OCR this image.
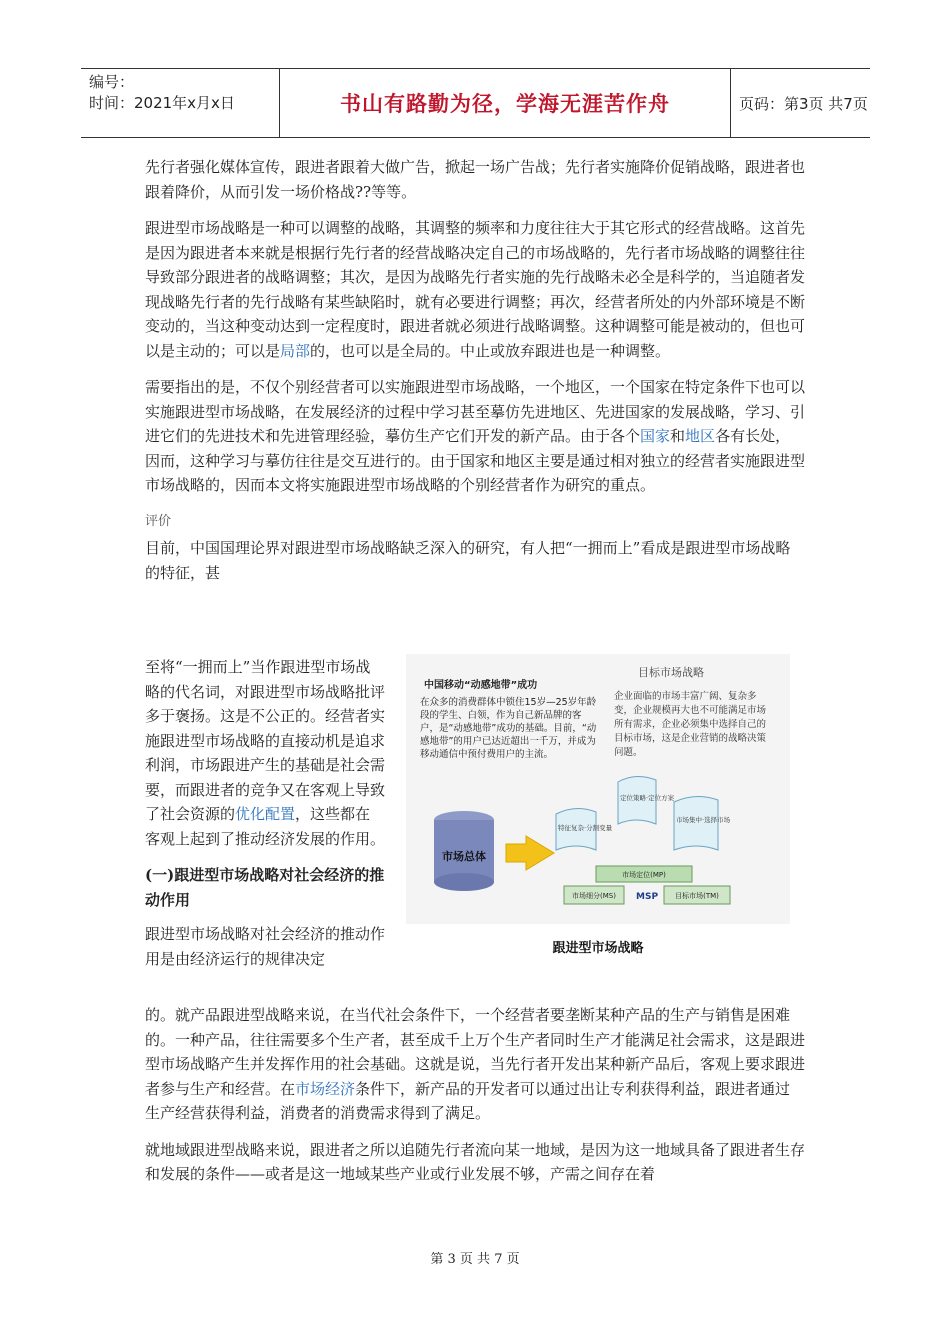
编号：
时间：2021年x月x日	书山有路勤为径，学海无涯苦作舟	页码：第3页 共7页

先行者强化媒体宣传，跟进者跟着大做广告，掀起一场广告战；先行者实施降价促销战略，跟进者也跟着降价，从而引发一场价格战??等等。

跟进型市场战略是一种可以调整的战略，其调整的频率和力度往往大于其它形式的经营战略。这首先是因为跟进者本来就是根据行先行者的经营战略决定自己的市场战略的，先行者市场战略的调整往往导致部分跟进者的战略调整；其次，是因为战略先行者实施的先行战略未必全是科学的，当追随者发现战略先行者的先行战略有某些缺陷时，就有必要进行调整；再次，经营者所处的内外部环境是不断变动的，当这种变动达到一定程度时，跟进者就必须进行战略调整。这种调整可能是被动的，但也可以是主动的；可以是局部的，也可以是全局的。中止或放弃跟进也是一种调整。

需要指出的是，不仅个别经营者可以实施跟进型市场战略，一个地区，一个国家在特定条件下也可以实施跟进型市场战略，在发展经济的过程中学习甚至摹仿先进地区、先进国家的发展战略，学习、引进它们的先进技术和先进管理经验，摹仿生产它们开发的新产品。由于各个国家和地区各有长处，因而，这种学习与摹仿往往是交互进行的。由于国家和地区主要是通过相对独立的经营者实施跟进型市场战略的，因而本文将实施跟进型市场战略的个别经营者作为研究的重点。

评价

目前，中国国理论界对跟进型市场战略缺乏深入的研究，有人把“一拥而上”看成是跟进型市场战略的特征，甚

至将“一拥而上”当作跟进型市场战略的代名词，对跟进型市场战略批评多于褒扬。这是不公正的。经营者实施跟进型市场战略的直接动机是追求利润，市场跟进产生的基础是社会需要，而跟进者的竞争又在客观上导致了社会资源的优化配置，这些都在客观上起到了推动经济发展的作用。

(一)跟进型市场战略对社会经济的推动作用

跟进型市场战略对社会经济的推动作用是由经济运行的规律决定

中国移动“动感地带”成功
在众多的消费群体中锁住15岁—25岁年龄段的学生、白领，作为自己新品牌的客户，是“动感地带”成功的基础。目前，“动感地带”的用户已达近超出一千万，并成为移动通信中预付费用户的主流。
目标市场战略
企业面临的市场丰富广阔、复杂多变，企业规模再大也不可能满足市场所有需求，企业必须集中选择自己的目标市场，这是企业营销的战略决策问题。
市场总体
特征复杂·分割变量
定位策略·定位方案
市场集中·选择市场
市场定位(MP)
市场细分(MS) MSP 目标市场(TM)
跟进型市场战略

的。就产品跟进型战略来说，在当代社会条件下，一个经营者要垄断某种产品的生产与销售是困难的。一种产品，往往需要多个生产者，甚至成千上万个生产者同时生产才能满足社会需求，这是跟进型市场战略产生并发挥作用的社会基础。这就是说，当先行者开发出某种新产品后，客观上要求跟进者参与生产和经营。在市场经济条件下，新产品的开发者可以通过出让专利获得利益，跟进者通过生产经营获得利益，消费者的消费需求得到了满足。

就地域跟进型战略来说，跟进者之所以追随先行者流向某一地域，是因为这一地域具备了跟进者生存和发展的条件——或者是这一地域某些产业或行业发展不够，产需之间存在着

第 3 页 共 7 页
